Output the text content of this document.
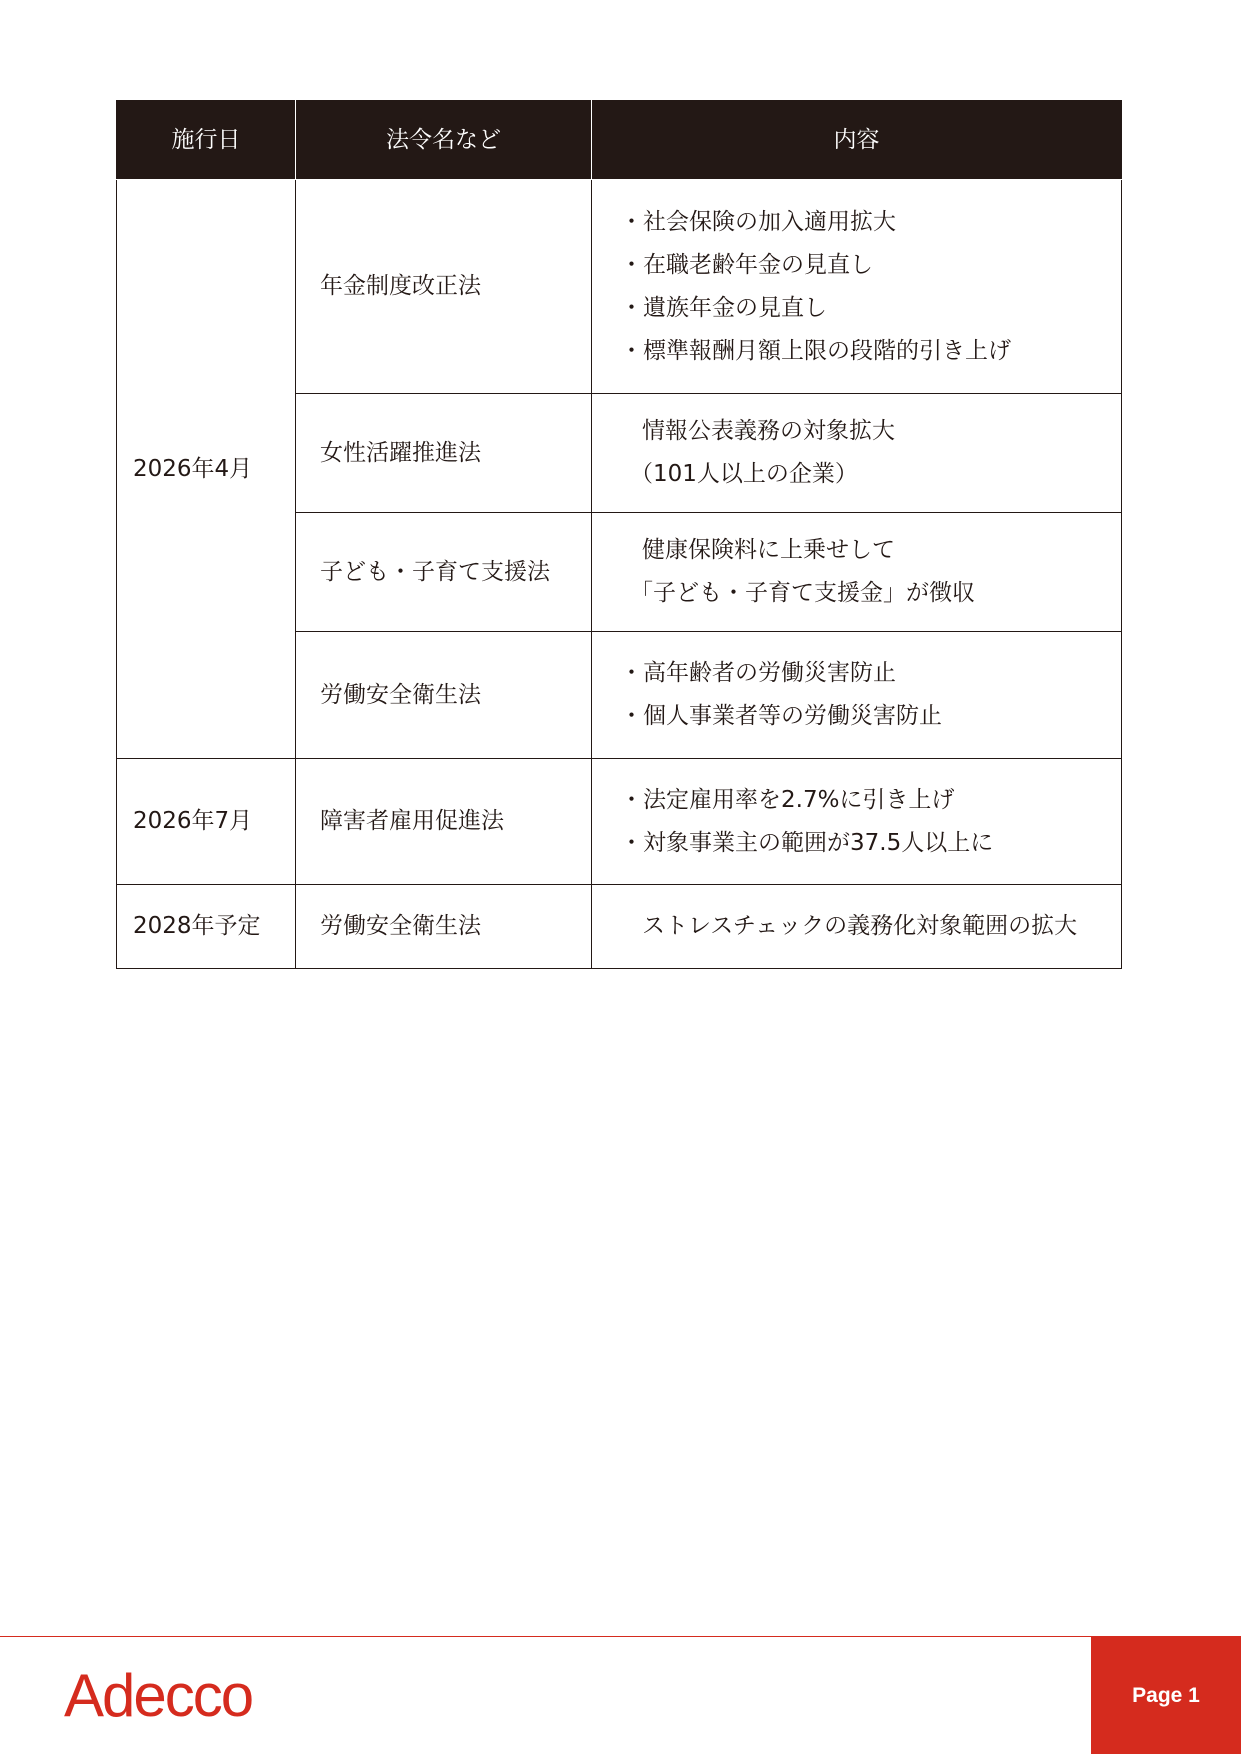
施行日	法令名など	内容
2026年4月	年金制度改正法	・社会保険の加入適用拡大
・在職老齢年金の見直し
・遺族年金の見直し
・標準報酬月額上限の段階的引き上げ

	女性活躍推進法	情報公表義務の対象拡大
（101人以上の企業）

	子ども・子育て支援法	健康保険料に上乗せして
「子ども・子育て支援金」が徴収

	労働安全衛生法	・高年齢者の労働災害防止
・個人事業者等の労働災害防止

2026年7月	障害者雇用促進法	・法定雇用率を2.7%に引き上げ
・対象事業主の範囲が37.5人以上に

2028年予定	労働安全衛生法	ストレスチェックの義務化対象範囲の拡大
Adecco	Page 1
